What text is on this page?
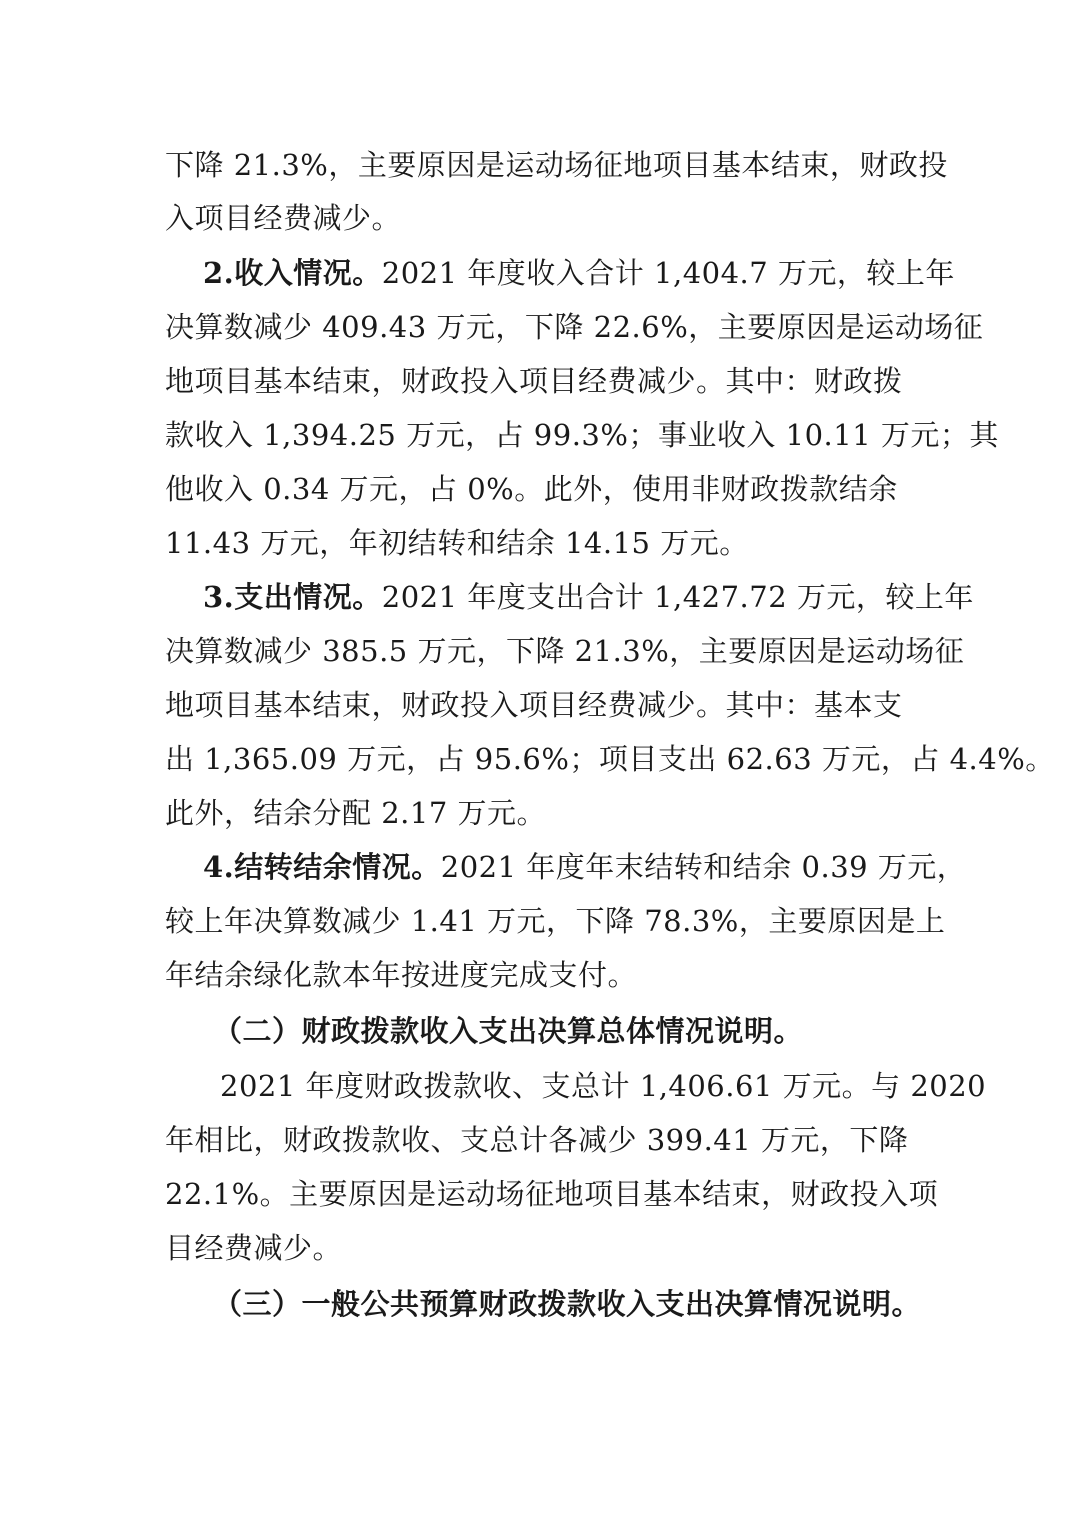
下降 21.3%，主要原因是运动场征地项目基本结束，财政投
入项目经费减少。
2.收入情况。2021 年度收入合计 1,404.7 万元，较上年
决算数减少 409.43 万元，下降 22.6%，主要原因是运动场征
地项目基本结束，财政投入项目经费减少。其中：财政拨
款收入 1,394.25 万元，占 99.3%；事业收入 10.11 万元；其
他收入 0.34 万元，占 0%。此外，使用非财政拨款结余
11.43 万元，年初结转和结余 14.15 万元。
3.支出情况。2021 年度支出合计 1,427.72 万元，较上年
决算数减少 385.5 万元，下降 21.3%，主要原因是运动场征
地项目基本结束，财政投入项目经费减少。其中：基本支
出 1,365.09 万元，占 95.6%；项目支出 62.63 万元，占 4.4%。
此外，结余分配 2.17 万元。
4.结转结余情况。2021 年度年末结转和结余 0.39 万元，
较上年决算数减少 1.41 万元，下降 78.3%，主要原因是上
年结余绿化款本年按进度完成支付。
（二）财政拨款收入支出决算总体情况说明。
2021 年度财政拨款收、支总计 1,406.61 万元。与 2020
年相比，财政拨款收、支总计各减少 399.41 万元，下降
22.1%。主要原因是运动场征地项目基本结束，财政投入项
目经费减少。
（三）一般公共预算财政拨款收入支出决算情况说明。
